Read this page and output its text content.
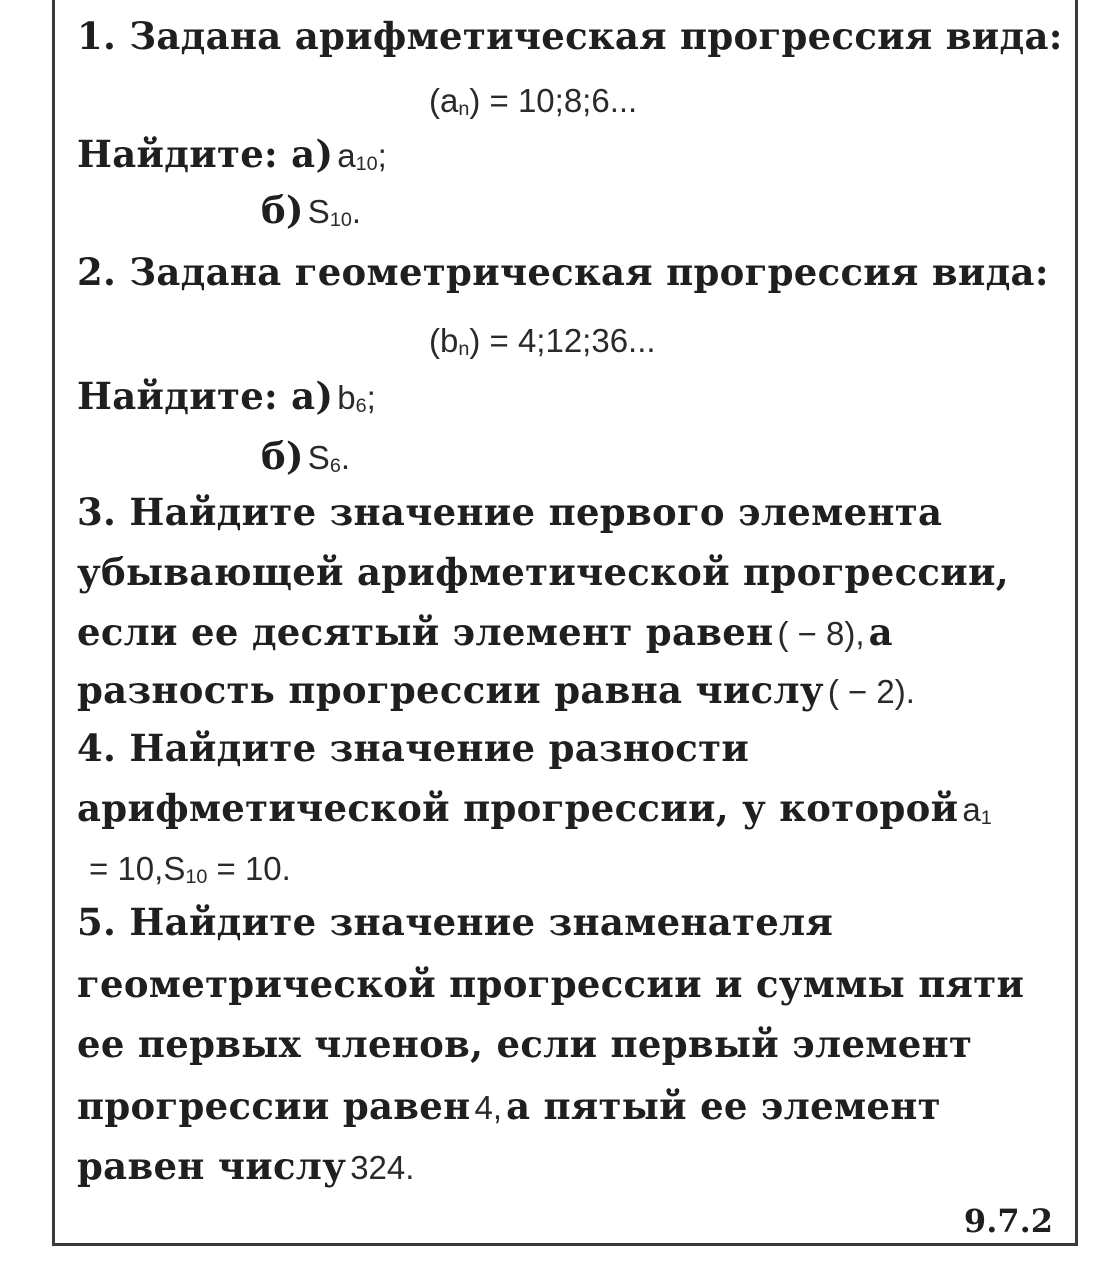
1. Задана арифметическая прогрессия вида:
(an) = 10;8;6...
Найдите: а) a10;
б) S10.
2. Задана геометрическая прогрессия вида:
(bn) = 4;12;36...
Найдите: а) b6;
б) S6.
3. Найдите значение первого элемента
убывающей арифметической прогрессии,
если ее десятый элемент равен ( − 8), а
разность прогрессии равна числу ( − 2).
4. Найдите значение разности
арифметической прогрессии, у которой a1
= 10,S10 = 10.
5. Найдите значение знаменателя
геометрической прогрессии и суммы пяти
ее первых членов, если первый элемент
прогрессии равен 4, а пятый ее элемент
равен числу 324.
9.7.2
